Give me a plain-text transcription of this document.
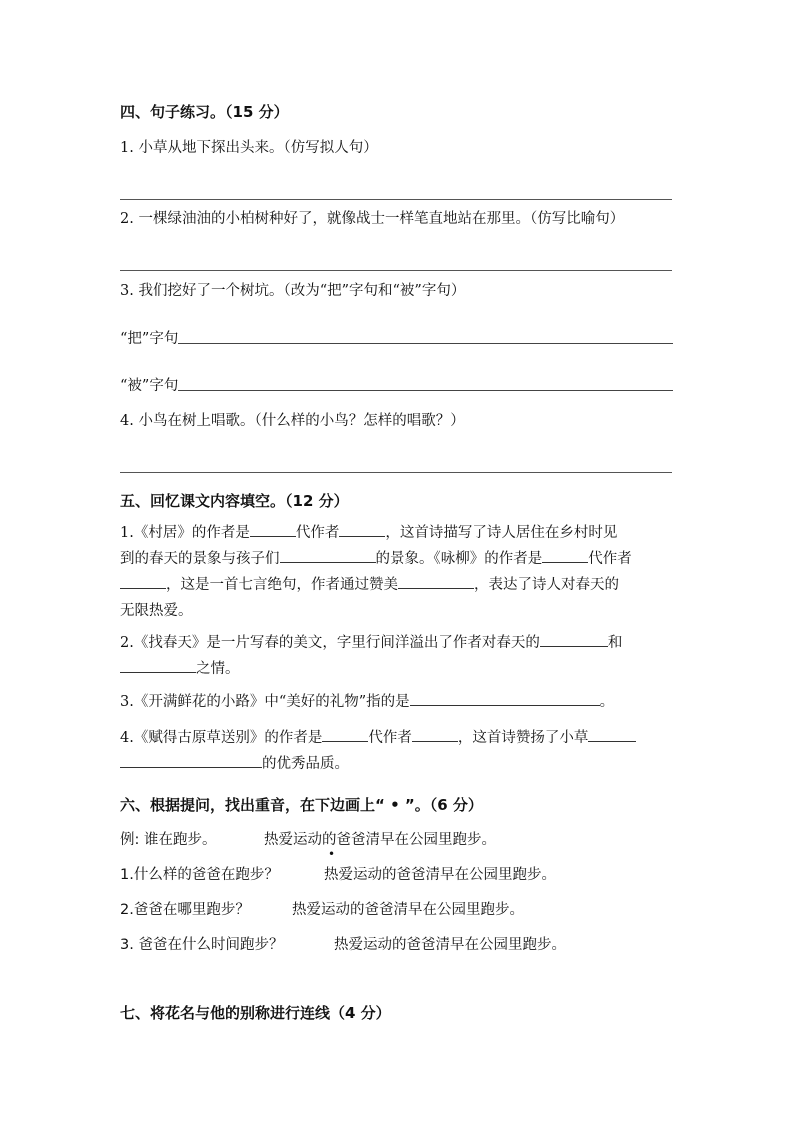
四、句子练习。（15 分）
1. 小草从地下探出头来。（仿写拟人句）
2. 一棵绿油油的小柏树种好了，就像战士一样笔直地站在那里。（仿写比喻句）
3. 我们挖好了一个树坑。（改为“把”字句和“被”字句）
“把”字句
“被”字句
4. 小鸟在树上唱歌。（什么样的小鸟？怎样的唱歌？）
五、回忆课文内容填空。（12 分）
1.《村居》的作者是	代作者	，这首诗描写了诗人居住在乡村时见
到的春天的景象与孩子们	的景象。《咏柳》的作者是	代作者
，这是一首七言绝句，作者通过赞美	，表达了诗人对春天的
无限热爱。
2.《找春天》是一片写春的美文，字里行间洋溢出了作者对春天的	和
之情。
3.《开满鲜花的小路》中“美好的礼物”指的是	。
4.《赋得古原草送别》的作者是	代作者	，这首诗赞扬了小草
的优秀品质。
六、根据提问，找出重音，在下边画上“ • ”。（6 分）
例: 谁在跑步。	热爱运动的爸爸清早在公园里跑步。
•
1.什么样的爸爸在跑步？	热爱运动的爸爸清早在公园里跑步。
2.爸爸在哪里跑步？	热爱运动的爸爸清早在公园里跑步。
3. 爸爸在什么时间跑步？	热爱运动的爸爸清早在公园里跑步。
七、将花名与他的别称进行连线（4 分）
